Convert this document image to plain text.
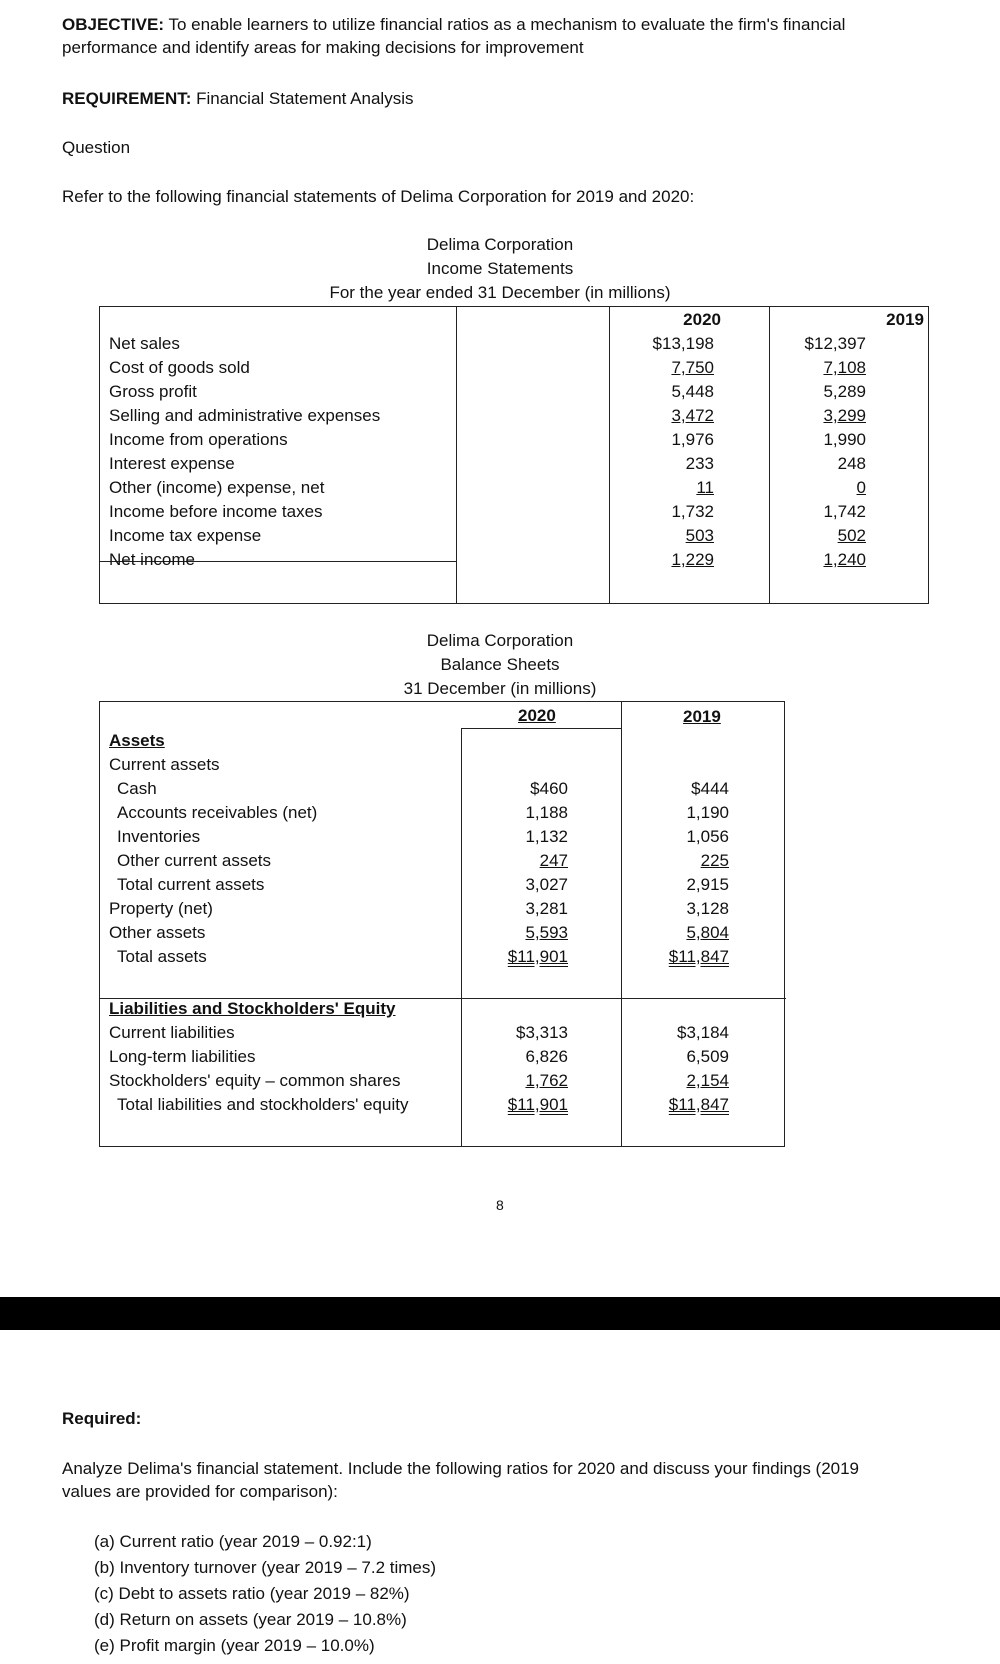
OBJECTIVE: To enable learners to utilize financial ratios as a mechanism to evaluate the firm's financial
performance and identify areas for making decisions for improvement
REQUIREMENT: Financial Statement Analysis
Question
Refer to the following financial statements of Delima Corporation for 2019 and 2020:
Delima Corporation
Income Statements
For the year ended 31 December (in millions)
2020	2019
Net sales	$13,198	$12,397
Cost of goods sold	7,750	7,108
Gross profit	5,448	5,289
Selling and administrative expenses	3,472	3,299
Income from operations	1,976	1,990
Interest expense	233	248
Other (income) expense, net	11	0
Income before income taxes	1,732	1,742
Income tax expense	503	502
Net income	1,229	1,240
Delima Corporation
Balance Sheets
31 December (in millions)
2020	2019
Assets
Current assets
Cash	$460	$444
Accounts receivables (net)	1,188	1,190
Inventories	1,132	1,056
Other current assets	247	225
Total current assets	3,027	2,915
Property (net)	3,281	3,128
Other assets	5,593	5,804
Total assets	$11,901	$11,847
Liabilities and Stockholders' Equity
Current liabilities	$3,313	$3,184
Long-term liabilities	6,826	6,509
Stockholders' equity – common shares	1,762	2,154
Total liabilities and stockholders' equity	$11,901	$11,847
8
Required:
Analyze Delima's financial statement. Include the following ratios for 2020 and discuss your findings (2019
values are provided for comparison):
(a) Current ratio (year 2019 – 0.92:1)
(b) Inventory turnover (year 2019 – 7.2 times)
(c) Debt to assets ratio (year 2019 – 82%)
(d) Return on assets (year 2019 – 10.8%)
(e) Profit margin (year 2019 – 10.0%)
